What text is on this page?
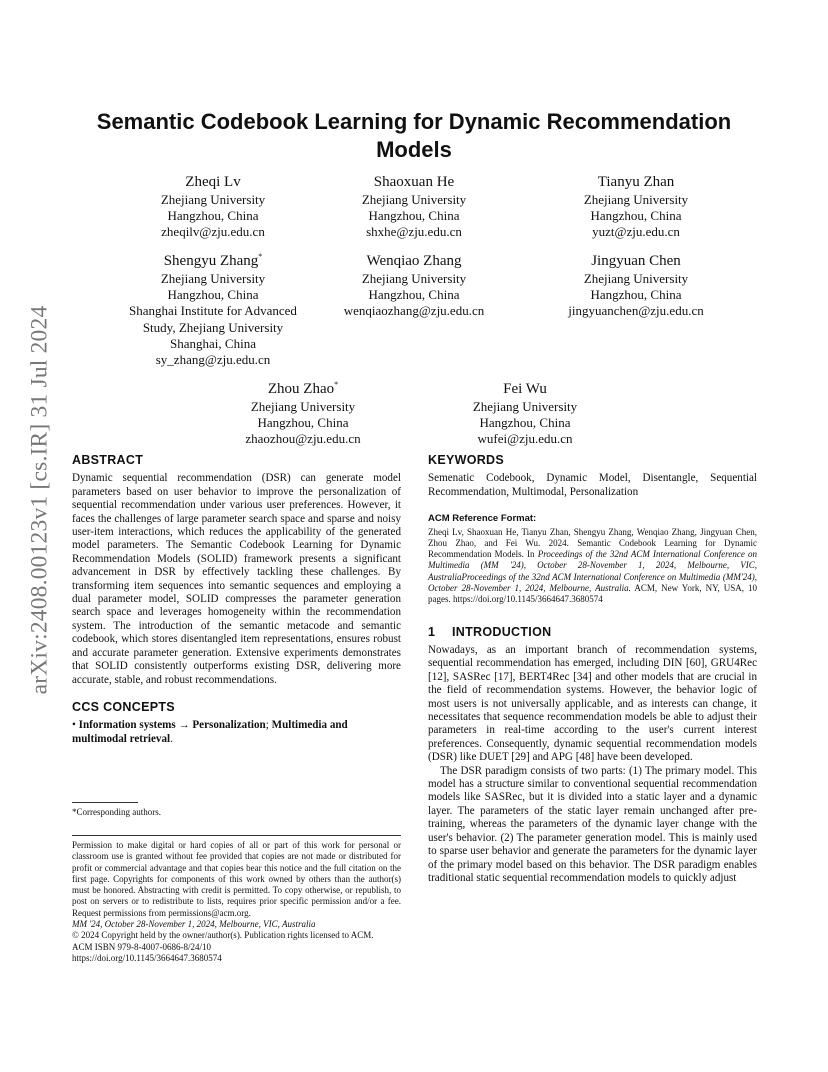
arXiv:2408.00123v1 [cs.IR] 31 Jul 2024
Semantic Codebook Learning for Dynamic Recommendation Models
Zheqi Lv
Zhejiang University
Hangzhou, China
zheqilv@zju.edu.cn
Shaoxuan He
Zhejiang University
Hangzhou, China
shxhe@zju.edu.cn
Tianyu Zhan
Zhejiang University
Hangzhou, China
yuzt@zju.edu.cn
Shengyu Zhang*
Zhejiang University
Hangzhou, China
Shanghai Institute for Advanced
Study, Zhejiang University
Shanghai, China
sy_zhang@zju.edu.cn
Wenqiao Zhang
Zhejiang University
Hangzhou, China
wenqiaozhang@zju.edu.cn
Jingyuan Chen
Zhejiang University
Hangzhou, China
jingyuanchen@zju.edu.cn
Zhou Zhao*
Zhejiang University
Hangzhou, China
zhaozhou@zju.edu.cn
Fei Wu
Zhejiang University
Hangzhou, China
wufei@zju.edu.cn
ABSTRACT

Dynamic sequential recommendation (DSR) can generate model parameters based on user behavior to improve the personalization of sequential recommendation under various user preferences. However, it faces the challenges of large parameter search space and sparse and noisy user-item interactions, which reduces the applicability of the generated model parameters. The Semantic Codebook Learning for Dynamic Recommendation Models (SOLID) framework presents a significant advancement in DSR by effectively tackling these challenges. By transforming item sequences into semantic sequences and employing a dual parameter model, SOLID compresses the parameter generation search space and leverages homogeneity within the recommendation system. The introduction of the semantic metacode and semantic codebook, which stores disentangled item representations, ensures robust and accurate parameter generation. Extensive experiments demonstrates that SOLID consistently outperforms existing DSR, delivering more accurate, stable, and robust recommendations.

CCS CONCEPTS

• Information systems → Personalization; Multimedia and multimodal retrieval.

*Corresponding authors.

Permission to make digital or hard copies of all or part of this work for personal or classroom use is granted without fee provided that copies are not made or distributed for profit or commercial advantage and that copies bear this notice and the full citation on the first page. Copyrights for components of this work owned by others than the author(s) must be honored. Abstracting with credit is permitted. To copy otherwise, or republish, to post on servers or to redistribute to lists, requires prior specific permission and/or a fee. Request permissions from permissions@acm.org.

MM '24, October 28-November 1, 2024, Melbourne, VIC, Australia

© 2024 Copyright held by the owner/author(s). Publication rights licensed to ACM.

ACM ISBN 979-8-4007-0686-8/24/10

https://doi.org/10.1145/3664647.3680574

KEYWORDS

Semenatic Codebook, Dynamic Model, Disentangle, Sequential Recommendation, Multimodal, Personalization

ACM Reference Format:
Zheqi Lv, Shaoxuan He, Tianyu Zhan, Shengyu Zhang, Wenqiao Zhang, Jingyuan Chen, Zhou Zhao, and Fei Wu. 2024. Semantic Codebook Learning for Dynamic Recommendation Models. In Proceedings of the 32nd ACM International Conference on Multimedia (MM '24), October 28-November 1, 2024, Melbourne, VIC, AustraliaProceedings of the 32nd ACM International Conference on Multimedia (MM'24), October 28-November 1, 2024, Melbourne, Australia. ACM, New York, NY, USA, 10 pages. https://doi.org/10.1145/3664647.3680574
1 INTRODUCTION

Nowadays, as an important branch of recommendation systems, sequential recommendation has emerged, including DIN [60], GRU4Rec [12], SASRec [17], BERT4Rec [34] and other models that are crucial in the field of recommendation systems. However, the behavior logic of most users is not universally applicable, and as interests can change, it necessitates that sequence recommendation models be able to adjust their parameters in real-time according to the user's current interest preferences. Consequently, dynamic sequential recommendation models (DSR) like DUET [29] and APG [48] have been developed.

The DSR paradigm consists of two parts: (1) The primary model. This model has a structure similar to conventional sequential recommendation models like SASRec, but it is divided into a static layer and a dynamic layer. The parameters of the static layer remain unchanged after pre-training, whereas the parameters of the dynamic layer change with the user's behavior. (2) The parameter generation model. This is mainly used to sparse user behavior and generate the parameters for the dynamic layer of the primary model based on this behavior. The DSR paradigm enables traditional static sequential recommendation models to quickly adjust
